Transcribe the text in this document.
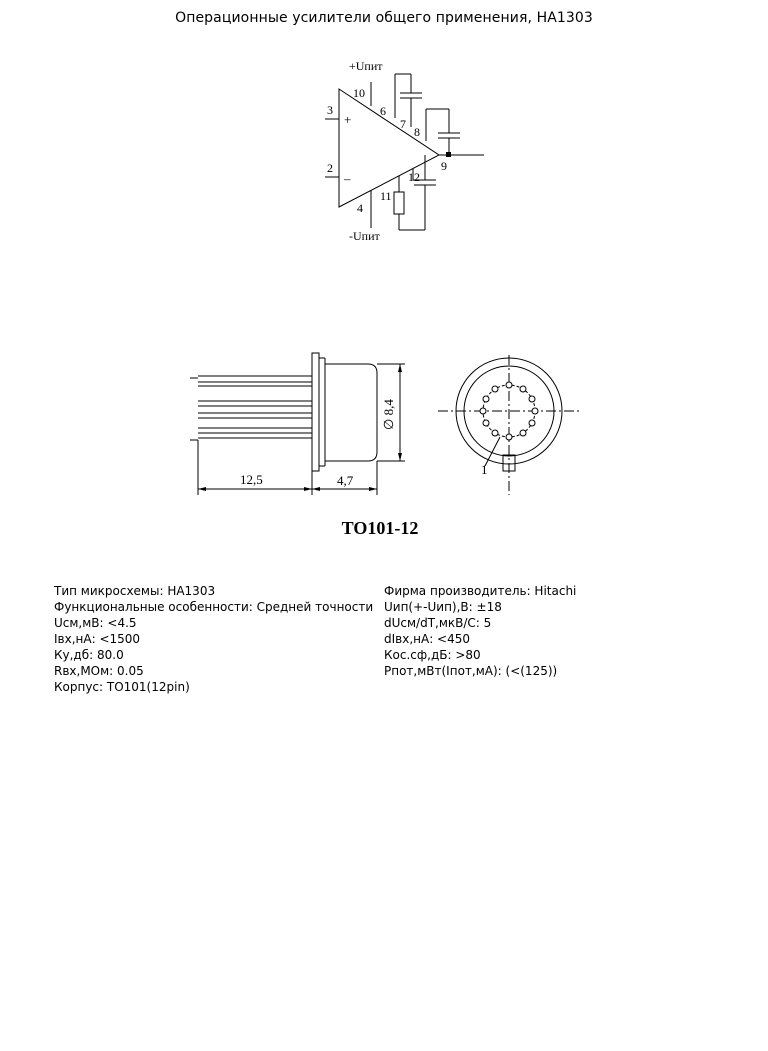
Операционные усилители общего применения, HA1303
+Uпит
-Uпит
+
–
10
3	6
7
8
2	9
12
11
4
12,5	4,7
∅ 8,4
1
TO101-12
Тип микросхемы: HA1303
Функциональные особенности: Средней точности
Uсм,мВ: <4.5
Iвх,нА: <1500
Ку,дб: 80.0
Rвх,МОм: 0.05
Корпус: TO101(12pin)
Фирма производитель: Hitachi
Uип(+-Uип),В: ±18
dUсм/dT,мкВ/С: 5
dIвх,нА: <450
Кос.сф,дБ: >80
Pпот,мВт(Iпот,мА): (<(125))
